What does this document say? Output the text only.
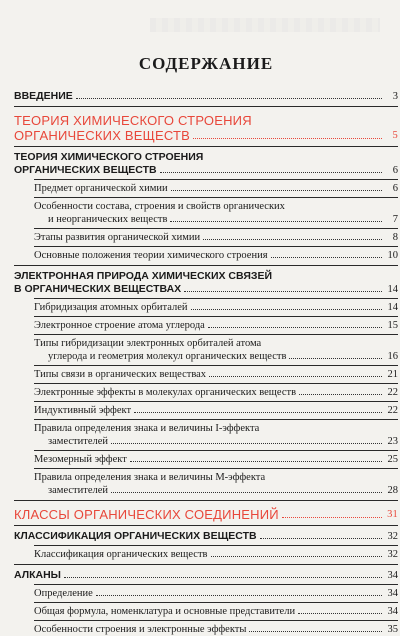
СОДЕРЖАНИЕ
ВВЕДЕНИЕ	3
ТЕОРИЯ ХИМИЧЕСКОГО СТРОЕНИЯ
ОРГАНИЧЕСКИХ ВЕЩЕСТВ	5
ТЕОРИЯ ХИМИЧЕСКОГО СТРОЕНИЯ
ОРГАНИЧЕСКИХ ВЕЩЕСТВ	6
Предмет органической химии	6
Особенности состава, строения и свойств органических
и неорганических веществ	7
Этапы развития органической химии	8
Основные положения теории химического строения	10
ЭЛЕКТРОННАЯ ПРИРОДА ХИМИЧЕСКИХ СВЯЗЕЙ
В ОРГАНИЧЕСКИХ ВЕЩЕСТВАХ	14
Гибридизация атомных орбиталей	14
Электронное строение атома углерода	15
Типы гибридизации электронных орбиталей атома
углерода и геометрия молекул органических веществ	16
Типы связи в органических веществах	21
Электронные эффекты в молекулах органических веществ	22
Индуктивный эффект	22
Правила определения знака и величины I-эффекта
заместителей	23
Мезомерный эффект	25
Правила определения знака и величины М-эффекта
заместителей	28
КЛАССЫ ОРГАНИЧЕСКИХ СОЕДИНЕНИЙ	31
КЛАССИФИКАЦИЯ ОРГАНИЧЕСКИХ ВЕЩЕСТВ	32
Классификация органических веществ	32
АЛКАНЫ	34
Определение	34
Общая формула, номенклатура и основные представители	34
Особенности строения и электронные эффекты	35
